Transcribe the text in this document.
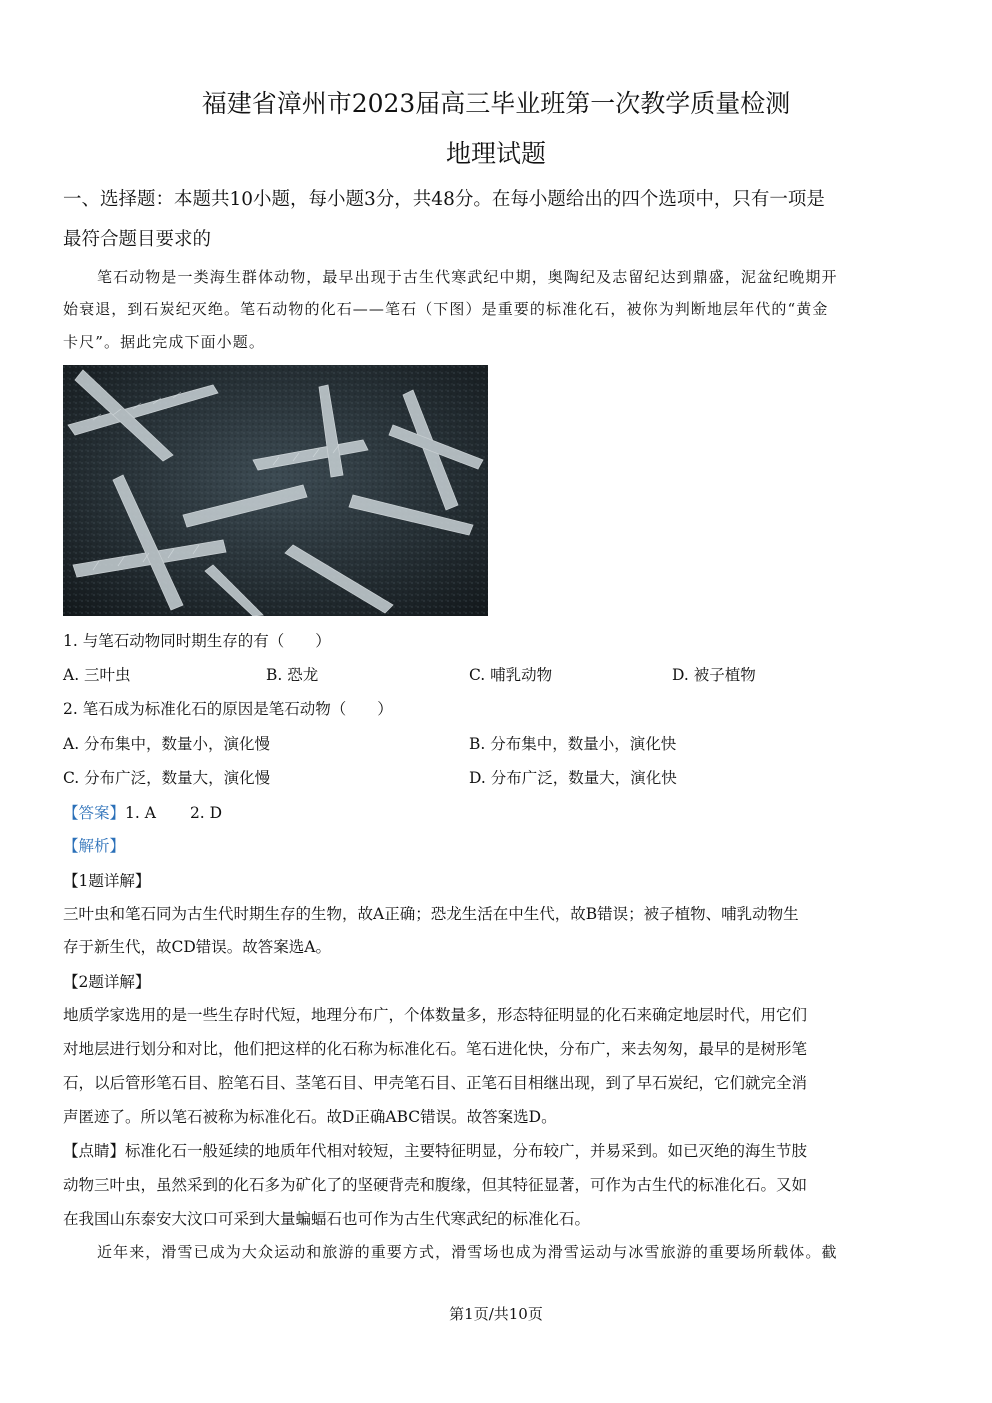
福建省漳州市2023届高三毕业班第一次教学质量检测
地理试题
一、选择题：本题共10小题，每小题3分，共48分。在每小题给出的四个选项中，只有一项是
最符合题目要求的
笔石动物是一类海生群体动物，最早出现于古生代寒武纪中期，奥陶纪及志留纪达到鼎盛，泥盆纪晚期开
始衰退，到石炭纪灭绝。笔石动物的化石——笔石（下图）是重要的标准化石，被你为判断地层年代的“黄金
卡尺”。据此完成下面小题。
1. 与笔石动物同时期生存的有（　　）
A. 三叶虫	B. 恐龙	C. 哺乳动物	D. 被子植物
2. 笔石成为标准化石的原因是笔石动物（　　）
A. 分布集中，数量小，演化慢	B. 分布集中，数量小，演化快
C. 分布广泛，数量大，演化慢	D. 分布广泛，数量大，演化快
【答案】1. A 2. D
【解析】
【1题详解】
三叶虫和笔石同为古生代时期生存的生物，故A正确；恐龙生活在中生代，故B错误；被子植物、哺乳动物生
存于新生代，故CD错误。故答案选A。
【2题详解】
地质学家选用的是一些生存时代短，地理分布广，个体数量多，形态特征明显的化石来确定地层时代，用它们
对地层进行划分和对比，他们把这样的化石称为标准化石。笔石进化快，分布广，来去匆匆，最早的是树形笔
石，以后管形笔石目、腔笔石目、茎笔石目、甲壳笔石目、正笔石目相继出现，到了早石炭纪，它们就完全消
声匿迹了。所以笔石被称为标准化石。故D正确ABC错误。故答案选D。
【点睛】标准化石一般延续的地质年代相对较短，主要特征明显，分布较广，并易采到。如已灭绝的海生节肢
动物三叶虫，虽然采到的化石多为矿化了的坚硬背壳和腹缘，但其特征显著，可作为古生代的标准化石。又如
在我国山东泰安大汶口可采到大量蝙蝠石也可作为古生代寒武纪的标准化石。
近年来，滑雪已成为大众运动和旅游的重要方式，滑雪场也成为滑雪运动与冰雪旅游的重要场所载体。截
第1页/共10页
